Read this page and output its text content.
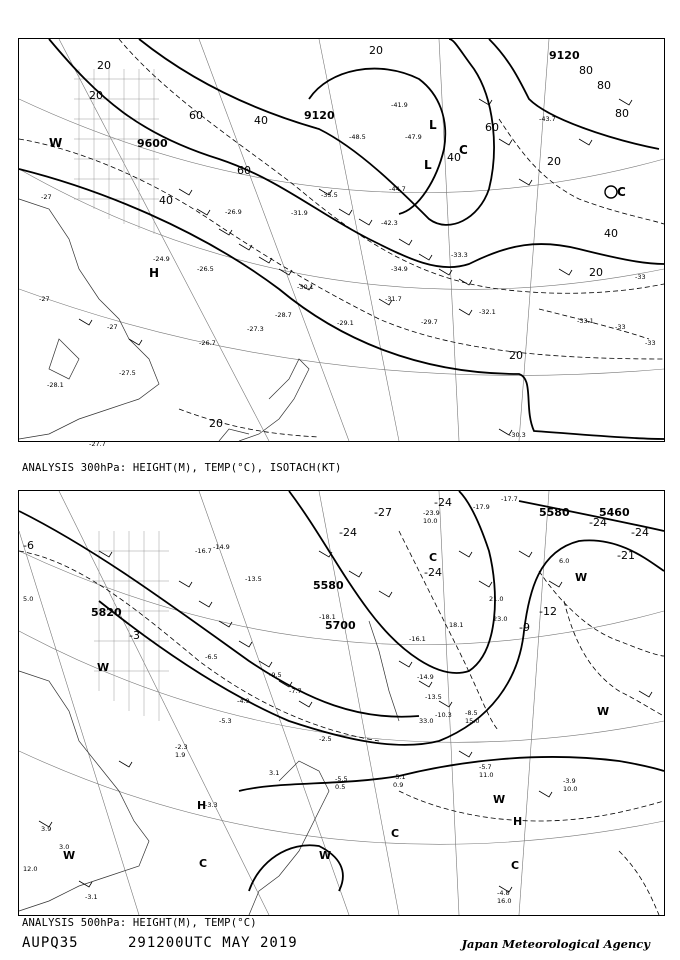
9600
9120
9120
20
20
20
40
40
40
60
60
60
80
80
80
20
20
20
40
20
W
H
L
L
C
C
-27
-27
-27
-33
-29.1	-29.7
-31.7
-32.1
-30.3
-33.1
-33
-33
-27.7
-28.1
-27.5
-26.7
-26.5
-24.9
-30.1
-34.9
-33.3
-42.3
-44.7
-41.9
-48.5	-47.9
-43.7
-35.5
-31.9
-26.9
-28.7
-27.3
ANALYSIS 300hPa: HEIGHT(M), TEMP(°C), ISOTACH(KT)
5820
5580
5700
5580	5460
-6
-3
-9
-12
-21
-24
-24
-27
-24
-24
-24
W
W
W
W
W
W
H
H
C	C
C
C
-2.3
-5.3
-4.9
-3.3
-5.5	-5.1
-5.7
-3.9
-4.8
-3.1
-2.5
-6.5
-10.3 -8.5
-13.5
-14.9
-17.9
-16.1
-18.1
-23.9
-17.7
-14.9
-13.5
-16.7
-9.5
-7.7
1.9
3.0
3.9
5.0
0.5	0.9
11.0
10.0
16.0
12.0
6.0
3.1
33.0	15.0
21.0
18.1
23.0
10.0
ANALYSIS 500hPa: HEIGHT(M), TEMP(°C)
AUPQ35	291200UTC MAY 2019	Japan Meteorological Agency
